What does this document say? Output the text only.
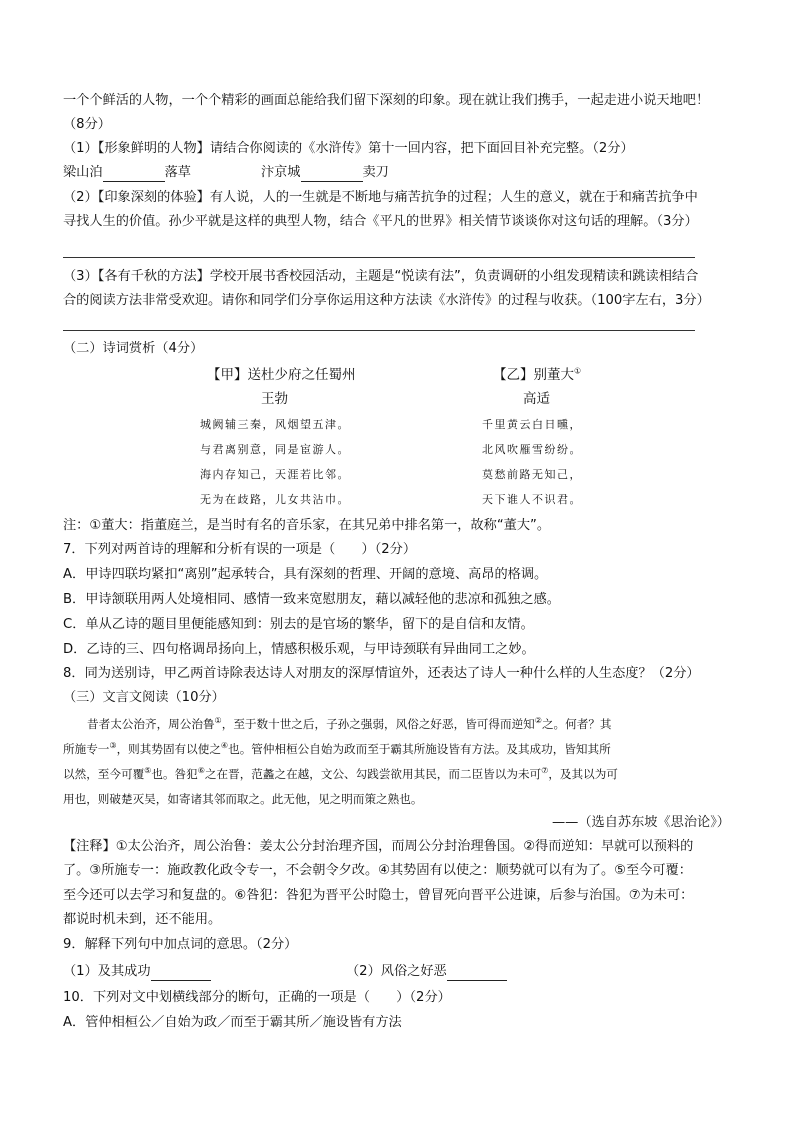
一个个鲜活的人物，一个个精彩的画面总能给我们留下深刻的印象。现在就让我们携手，一起走进小说天地吧！
（8分）
（1）【形象鲜明的人物】请结合你阅读的《水浒传》第十一回内容，把下面回目补充完整。（2分）
梁山泊	落草	汴京城	卖刀
（2）【印象深刻的体验】有人说，人的一生就是不断地与痛苦抗争的过程；人生的意义，就在于和痛苦抗争中
寻找人生的价值。孙少平就是这样的典型人物，结合《平凡的世界》相关情节谈谈你对这句话的理解。（3分）
（3）【各有千秋的方法】学校开展书香校园活动，主题是“悦读有法”，负责调研的小组发现精读和跳读相结合
合的阅读方法非常受欢迎。请你和同学们分享你运用这种方法读《水浒传》的过程与收获。（100字左右，3分）
（二）诗词赏析（4分）
【甲】送杜少府之任蜀州
王勃
城阙辅三秦，风烟望五津。
与君离别意，同是宦游人。
海内存知己，天涯若比邻。
无为在歧路，儿女共沾巾。
【乙】别董大①
高适
千里黄云白日曛，
北风吹雁雪纷纷。
莫愁前路无知己，
天下谁人不识君。
注：①董大：指董庭兰，是当时有名的音乐家，在其兄弟中排名第一，故称“董大”。
7．下列对两首诗的理解和分析有误的一项是（　　）（2分）
A．甲诗四联均紧扣“离别”起承转合，具有深刻的哲理、开阔的意境、高昂的格调。
B．甲诗颔联用两人处境相同、感情一致来宽慰朋友，藉以减轻他的悲凉和孤独之感。
C．单从乙诗的题目里便能感知到：别去的是官场的繁华，留下的是自信和友情。
D．乙诗的三、四句格调昂扬向上，情感积极乐观，与甲诗颈联有异曲同工之妙。
8．同为送别诗，甲乙两首诗除表达诗人对朋友的深厚情谊外，还表达了诗人一种什么样的人生态度？（2分）
（三）文言文阅读（10分）
昔者太公治齐，周公治鲁①，至于数十世之后，子孙之强弱，风俗之好恶，皆可得而逆知②之。何者？其
所施专一③，则其势固有以使之④也。管仲相桓公自始为政而至于霸其所施设皆有方法。及其成功，皆知其所
以然，至今可覆⑤也。咎犯⑥之在晋，范蠡之在越，文公、勾践尝欲用其民，而二臣皆以为未可⑦，及其以为可
用也，则破楚灭吴，如寄诸其邻而取之。此无他，见之明而策之熟也。
——（选自苏东坡《思治论》）
【注释】①太公治齐，周公治鲁：姜太公分封治理齐国，而周公分封治理鲁国。②得而逆知：早就可以预料的
了。③所施专一：施政教化政令专一，不会朝令夕改。④其势固有以使之：顺势就可以有为了。⑤至今可覆：
至今还可以去学习和复盘的。⑥咎犯：咎犯为晋平公时隐士，曾冒死向晋平公进谏，后参与治国。⑦为未可：
都说时机未到，还不能用。
9．解释下列句中加点词的意思。（2分）
（1）及其成功	（2）风俗之好恶
10．下列对文中划横线部分的断句，正确的一项是（　　）（2分）
A．管仲相桓公／自始为政／而至于霸其所／施设皆有方法
